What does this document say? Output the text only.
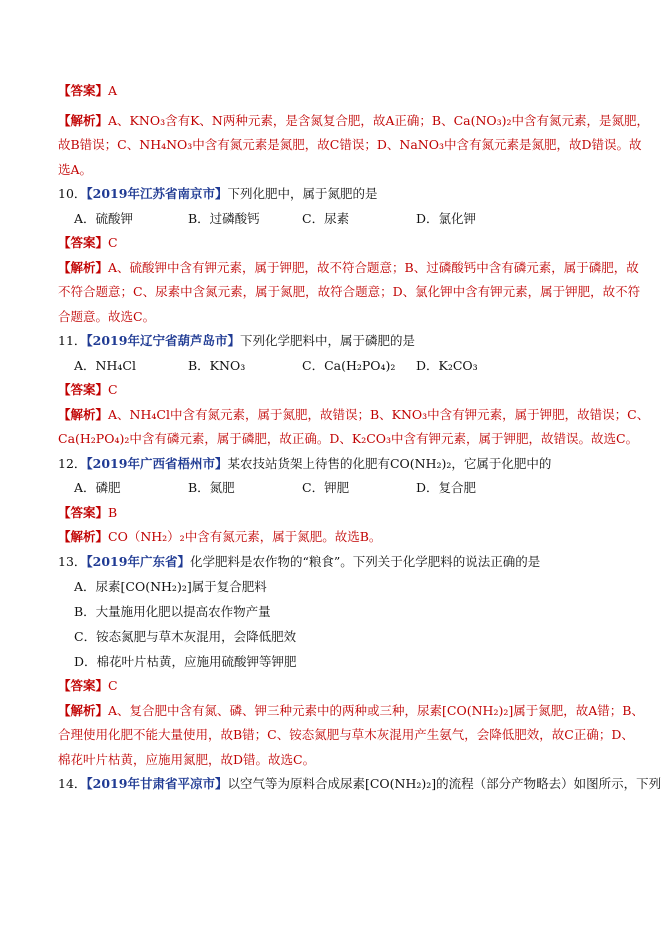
【答案】A
【解析】A、KNO₃含有K、N两种元素，是含氮复合肥，故A正确；B、Ca(NO₃)₂中含有氮元素，是氮肥，
故B错误；C、NH₄NO₃中含有氮元素是氮肥，故C错误；D、NaNO₃中含有氮元素是氮肥，故D错误。故
选A。
10．【2019年江苏省南京市】下列化肥中，属于氮肥的是
A．硫酸钾	B．过磷酸钙	C．尿素	D．氯化钾
【答案】C
【解析】A、硫酸钾中含有钾元素，属于钾肥，故不符合题意；B、过磷酸钙中含有磷元素，属于磷肥，故
不符合题意；C、尿素中含氮元素，属于氮肥，故符合题意；D、氯化钾中含有钾元素，属于钾肥，故不符
合题意。故选C。
11．【2019年辽宁省葫芦岛市】下列化学肥料中，属于磷肥的是
A．NH₄Cl	B．KNO₃	C．Ca(H₂PO₄)₂	D．K₂CO₃
【答案】C
【解析】A、NH₄Cl中含有氮元素，属于氮肥，故错误；B、KNO₃中含有钾元素，属于钾肥，故错误；C、
Ca(H₂PO₄)₂中含有磷元素，属于磷肥，故正确。D、K₂CO₃中含有钾元素，属于钾肥，故错误。故选C。
12．【2019年广西省梧州市】某农技站货架上待售的化肥有CO(NH₂)₂，它属于化肥中的
A．磷肥	B．氮肥	C．钾肥	D．复合肥
【答案】B
【解析】CO（NH₂）₂中含有氮元素，属于氮肥。故选B。
13．【2019年广东省】化学肥料是农作物的“粮食”。下列关于化学肥料的说法正确的是
A．尿素[CO(NH₂)₂]属于复合肥料
B．大量施用化肥以提高农作物产量
C．铵态氮肥与草木灰混用，会降低肥效
D．棉花叶片枯黄，应施用硫酸钾等钾肥
【答案】C
【解析】A、复合肥中含有氮、磷、钾三种元素中的两种或三种，尿素[CO(NH₂)₂]属于氮肥，故A错；B、
合理使用化肥不能大量使用，故B错；C、铵态氮肥与草木灰混用产生氨气，会降低肥效，故C正确；D、
棉花叶片枯黄，应施用氮肥，故D错。故选C。
14．【2019年甘肃省平凉市】以空气等为原料合成尿素[CO(NH₂)₂]的流程（部分产物略去）如图所示，下列
